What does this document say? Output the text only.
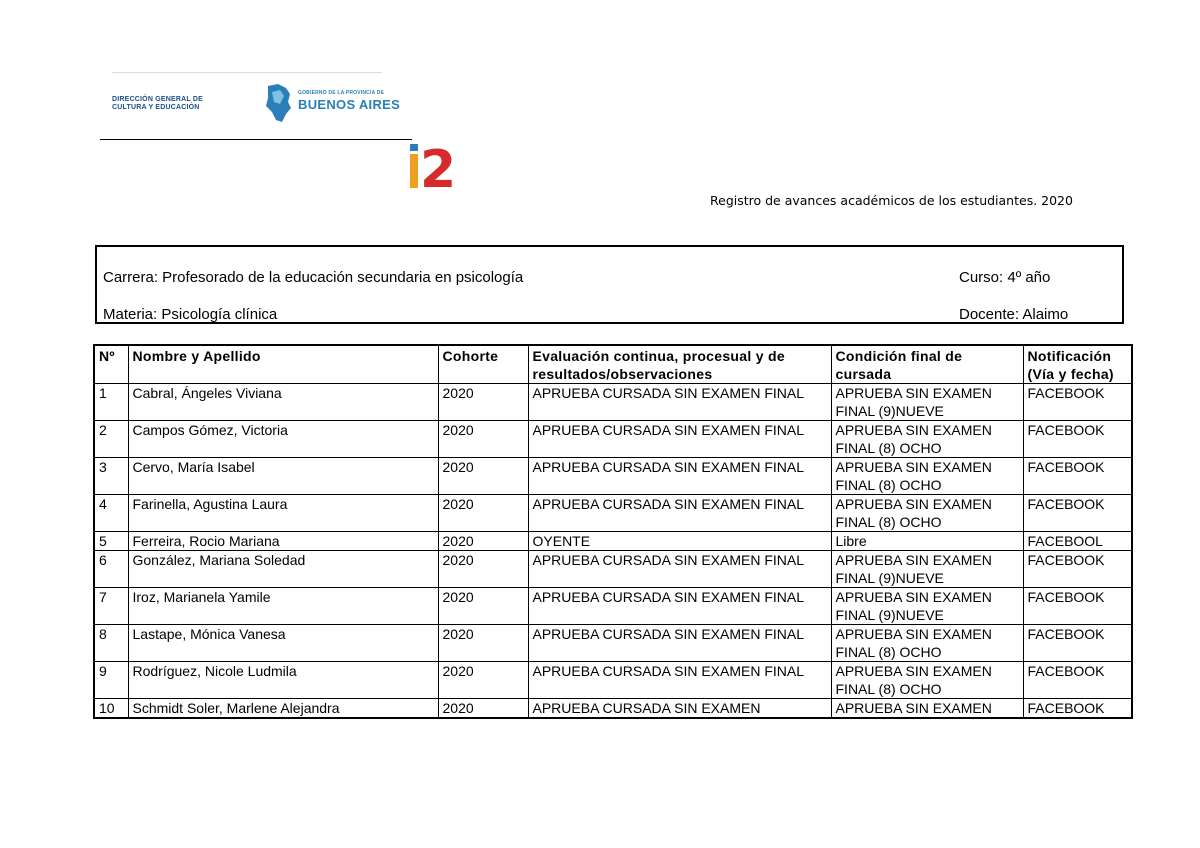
DIRECCIÓN GENERAL DE
CULTURA Y EDUCACIÓN
GOBIERNO DE LA PROVINCIA DE
BUENOS AIRES
2
Registro de avances académicos de los estudiantes. 2020
Carrera: Profesorado de la educación secundaria en psicología	Curso: 4º año
Materia: Psicología clínica	Docente: Alaimo
Nº	Nombre y Apellido	Cohorte	Evaluación continua, procesual y de resultados/observaciones	Condición final de cursada	Notificación (Vía y fecha)
1	Cabral, Ángeles Viviana	2020	APRUEBA CURSADA SIN EXAMEN FINAL	APRUEBA SIN EXAMEN FINAL (9)NUEVE	FACEBOOK
2	Campos Gómez, Victoria	2020	APRUEBA CURSADA SIN EXAMEN FINAL	APRUEBA SIN EXAMEN FINAL (8) OCHO	FACEBOOK
3	Cervo, María Isabel	2020	APRUEBA CURSADA SIN EXAMEN FINAL	APRUEBA SIN EXAMEN FINAL (8) OCHO	FACEBOOK
4	Farinella, Agustina Laura	2020	APRUEBA CURSADA SIN EXAMEN FINAL	APRUEBA SIN EXAMEN FINAL (8) OCHO	FACEBOOK
5	Ferreira, Rocio Mariana	2020	OYENTE	Libre	FACEBOOL
6	González, Mariana Soledad	2020	APRUEBA CURSADA SIN EXAMEN FINAL	APRUEBA SIN EXAMEN FINAL (9)NUEVE	FACEBOOK
7	Iroz, Marianela Yamile	2020	APRUEBA CURSADA SIN EXAMEN FINAL	APRUEBA SIN EXAMEN FINAL (9)NUEVE	FACEBOOK
8	Lastape, Mónica Vanesa	2020	APRUEBA CURSADA SIN EXAMEN FINAL	APRUEBA SIN EXAMEN FINAL (8) OCHO	FACEBOOK
9	Rodríguez, Nicole Ludmila	2020	APRUEBA CURSADA SIN EXAMEN FINAL	APRUEBA SIN EXAMEN FINAL (8) OCHO	FACEBOOK
10	Schmidt Soler, Marlene Alejandra	2020	APRUEBA CURSADA SIN EXAMEN	APRUEBA SIN EXAMEN	FACEBOOK
